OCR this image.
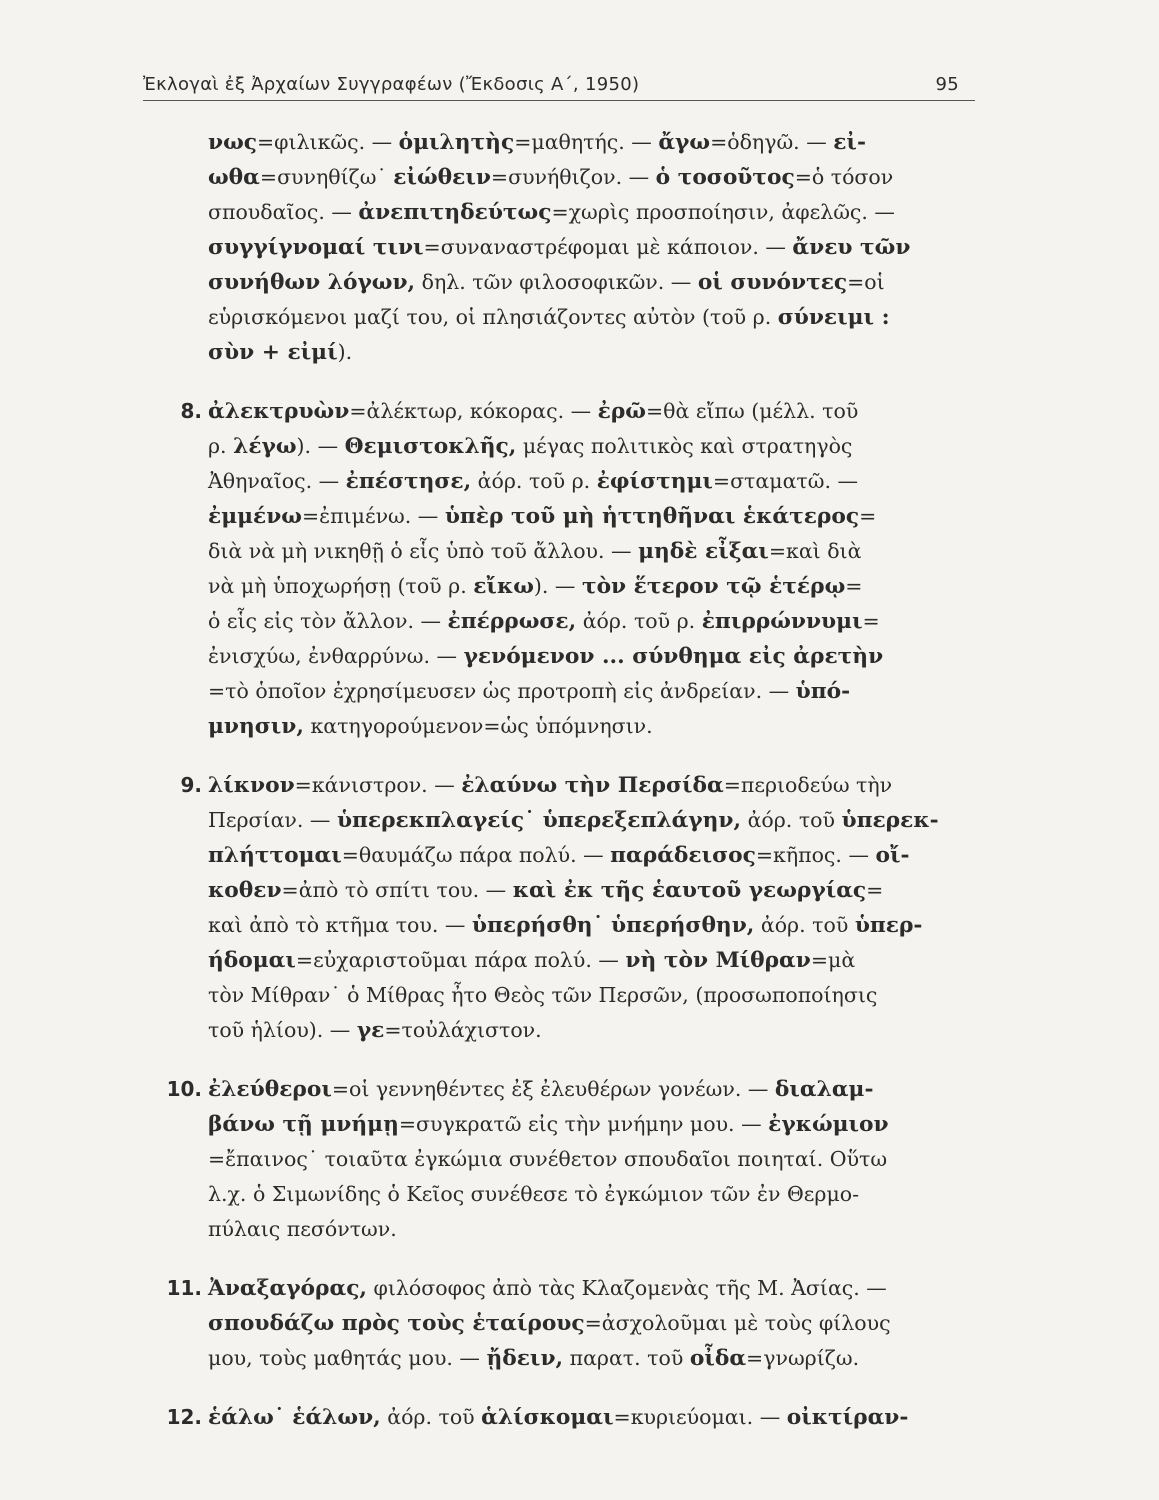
Ἐκλογαὶ ἐξ Ἀρχαίων Συγγραφέων (Ἔκδοσις Α΄, 1950)	95
νως=φιλικῶς. — ὁμιλητὴς=μαθητής. — ἄγω=ὁδηγῶ. — εἰ-
ωθα=συνηθίζω˙ εἰώθειν=συνήθιζον. — ὁ τοσοῦτος=ὁ τόσον
σπουδαῖος. — ἀνεπιτηδεύτως=χωρὶς προσποίησιν, ἀφελῶς. —
συγγίγνομαί τινι=συναναστρέφομαι μὲ κάποιον. — ἄνευ τῶν
συνήθων λόγων, δηλ. τῶν φιλοσοφικῶν. — οἱ συνόντες=οἱ
εὑρισκόμενοι μαζί του, οἱ πλησιάζοντες αὐτὸν (τοῦ ρ. σύνειμι :
σὺν + εἰμί).
8. ἀλεκτρυὼν=ἀλέκτωρ, κόκορας. — ἐρῶ=θὰ εἴπω (μέλλ. τοῦ
ρ. λέγω). — Θεμιστοκλῆς, μέγας πολιτικὸς καὶ στρατηγὸς
Ἀθηναῖος. — ἐπέστησε, ἀόρ. τοῦ ρ. ἐφίστημι=σταματῶ. —
ἐμμένω=ἐπιμένω. — ὑπὲρ τοῦ μὴ ἡττηθῆναι ἑκάτερος=
διὰ νὰ μὴ νικηθῇ ὁ εἷς ὑπὸ τοῦ ἄλλου. — μηδὲ εἶξαι=καὶ διὰ
νὰ μὴ ὑποχωρήσῃ (τοῦ ρ. εἴκω). — τὸν ἕτερον τῷ ἑτέρῳ=
ὁ εἷς εἰς τὸν ἄλλον. — ἐπέρρωσε, ἀόρ. τοῦ ρ. ἐπιρρώννυμι=
ἐνισχύω, ἐνθαρρύνω. — γενόμενον ... σύνθημα εἰς ἀρετὴν
=τὸ ὁποῖον ἐχρησίμευσεν ὡς προτροπὴ εἰς ἀνδρείαν. — ὑπό-
μνησιν, κατηγορούμενον=ὡς ὑπόμνησιν.
9. λίκνον=κάνιστρον. — ἐλαύνω τὴν Περσίδα=περιοδεύω τὴν
Περσίαν. — ὑπερεκπλαγείς˙ ὑπερεξεπλάγην, ἀόρ. τοῦ ὑπερεκ-
πλήττομαι=θαυμάζω πάρα πολύ. — παράδεισος=κῆπος. — οἴ-
κοθεν=ἀπὸ τὸ σπίτι του. — καὶ ἐκ τῆς ἑαυτοῦ γεωργίας=
καὶ ἀπὸ τὸ κτῆμα του. — ὑπερήσθη˙ ὑπερήσθην, ἀόρ. τοῦ ὑπερ-
ήδομαι=εὐχαριστοῦμαι πάρα πολύ. — νὴ τὸν Μίθραν=μὰ
τὸν Μίθραν˙ ὁ Μίθρας ἦτο Θεὸς τῶν Περσῶν, (προσωποποίησις
τοῦ ἡλίου). — γε=τοὐλάχιστον.
10. ἐλεύθεροι=οἱ γεννηθέντες ἐξ ἐλευθέρων γονέων. — διαλαμ-
βάνω τῇ μνήμῃ=συγκρατῶ εἰς τὴν μνήμην μου. — ἐγκώμιον
=ἔπαινος˙ τοιαῦτα ἐγκώμια συνέθετον σπουδαῖοι ποιηταί. Οὕτω
λ.χ. ὁ Σιμωνίδης ὁ Κεῖος συνέθεσε τὸ ἐγκώμιον τῶν ἐν Θερμο-
πύλαις πεσόντων.
11. Ἀναξαγόρας, φιλόσοφος ἀπὸ τὰς Κλαζομενὰς τῆς Μ. Ἀσίας. —
σπουδάζω πρὸς τοὺς ἑταίρους=ἀσχολοῦμαι μὲ τοὺς φίλους
μου, τοὺς μαθητάς μου. — ᾔδειν, παρατ. τοῦ οἶδα=γνωρίζω.
12. ἑάλω˙ ἑάλων, ἀόρ. τοῦ ἁλίσκομαι=κυριεύομαι. — οἰκτίραν-
